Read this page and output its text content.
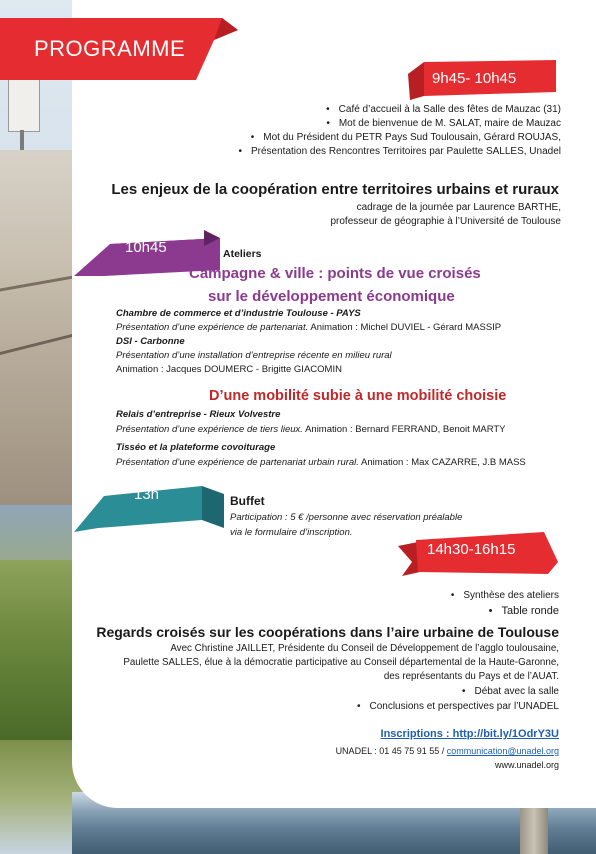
PROGRAMME
9h45- 10h45
• Café d’accueil à la Salle des fêtes de Mauzac (31)
• Mot de bienvenue de M. SALAT, maire de Mauzac
• Mot du Président du PETR Pays Sud Toulousain, Gérard ROUJAS,
• Présentation des Rencontres Territoires par Paulette SALLES, Unadel
Les enjeux de la coopération entre territoires urbains et ruraux
cadrage de la journée par Laurence BARTHE,
professeur de géographie à l’Université de Toulouse
10h45	Ateliers
Campagne & ville : points de vue croisés
sur le développement économique
Chambre de commerce et d’industrie Toulouse - PAYS
Présentation d’une expérience de partenariat. Animation : Michel DUVIEL - Gérard MASSIP
DSI - Carbonne
Présentation d’une installation d’entreprise récente en milieu rural
Animation : Jacques DOUMERC - Brigitte GIACOMIN
D’une mobilité subie à une mobilité choisie
Relais d’entreprise - Rieux Volvestre
Présentation d’une expérience de tiers lieux. Animation : Bernard FERRAND, Benoit MARTY
Tisséo et la plateforme covoiturage
Présentation d’une expérience de partenariat urbain rural. Animation : Max CAZARRE, J.B MASS
13h	Buffet
Participation : 5 € /personne avec réservation préalable
via le formulaire d’inscription.
14h30-16h15
• Synthèse des ateliers
• Table ronde
Regards croisés sur les coopérations dans l’aire urbaine de Toulouse
Avec Christine JAILLET, Présidente du Conseil de Développement de l’agglo toulousaine,
Paulette SALLES, élue à la démocratie participative au Conseil départemental de la Haute-Garonne,
des représentants du Pays et de l’AUAT.
• Débat avec la salle
• Conclusions et perspectives par l’UNADEL
Inscriptions : http://bit.ly/1OdrY3U
UNADEL : 01 45 75 91 55 / communication@unadel.org
www.unadel.org
